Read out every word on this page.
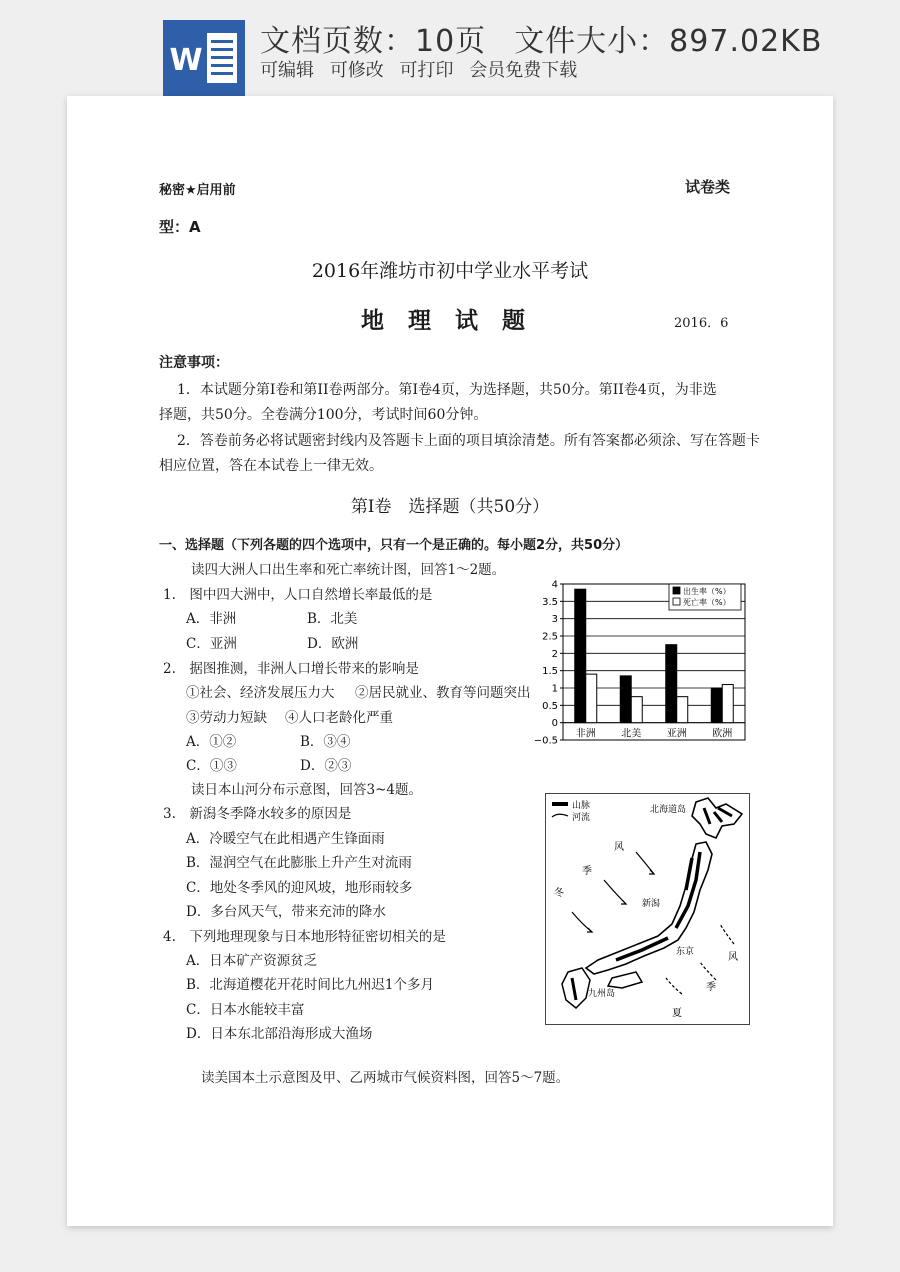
W
文档页数：10页 文件大小：897.02KB
可编辑 可修改 可打印 会员免费下载
秘密★启用前	试卷类
型：A
2016年潍坊市初中学业水平考试
地 理 试 题	2016．6
注意事项：
1．本试题分第Ⅰ卷和第II卷两部分。第Ⅰ卷4页，为选择题，共50分。第II卷4页，为非选
择题，共50分。全卷满分100分，考试时间60分钟。
2．答卷前务必将试题密封线内及答题卡上面的项目填涂清楚。所有答案都必须涂、写在答题卡
相应位置，答在本试卷上一律无效。
第Ⅰ卷　选择题（共50分）
一、选择题（下列各题的四个选项中，只有一个是正确的。每小题2分，共50分）
读四大洲人口出生率和死亡率统计图，回答1～2题。
1.　图中四大洲中，人口自然增长率最低的是
A．非洲	B．北美
C．亚洲	D．欧洲
2.　据图推测，非洲人口增长带来的影响是
①社会、经济发展压力大 ②居民就业、教育等问题突出
③劳动力短缺 ④人口老龄化严重
A．①②	B．③④
C．①③	D．②③
读日本山河分布示意图，回答3~4题。
3.　新潟冬季降水较多的原因是
A．冷暖空气在此相遇产生锋面雨
B．湿润空气在此膨胀上升产生对流雨
C．地处冬季风的迎风坡，地形雨较多
D．多台风天气，带来充沛的降水
4.　下列地理现象与日本地形特征密切相关的是
A．日本矿产资源贫乏
B．北海道樱花开花时间比九州迟1个多月
C．日本水能较丰富
D．日本东北部沿海形成大渔场
读美国本土示意图及甲、乙两城市气候资料图，回答5～7题。
4
3.5
3
2.5
2
1.5
1
0.5
0
−0.5
非洲	北美	亚洲	欧洲
出生率（%）
死亡率（%）
山脉
河流
北海道岛
新潟
东京
九州岛
冬
季
风
夏
季
风
